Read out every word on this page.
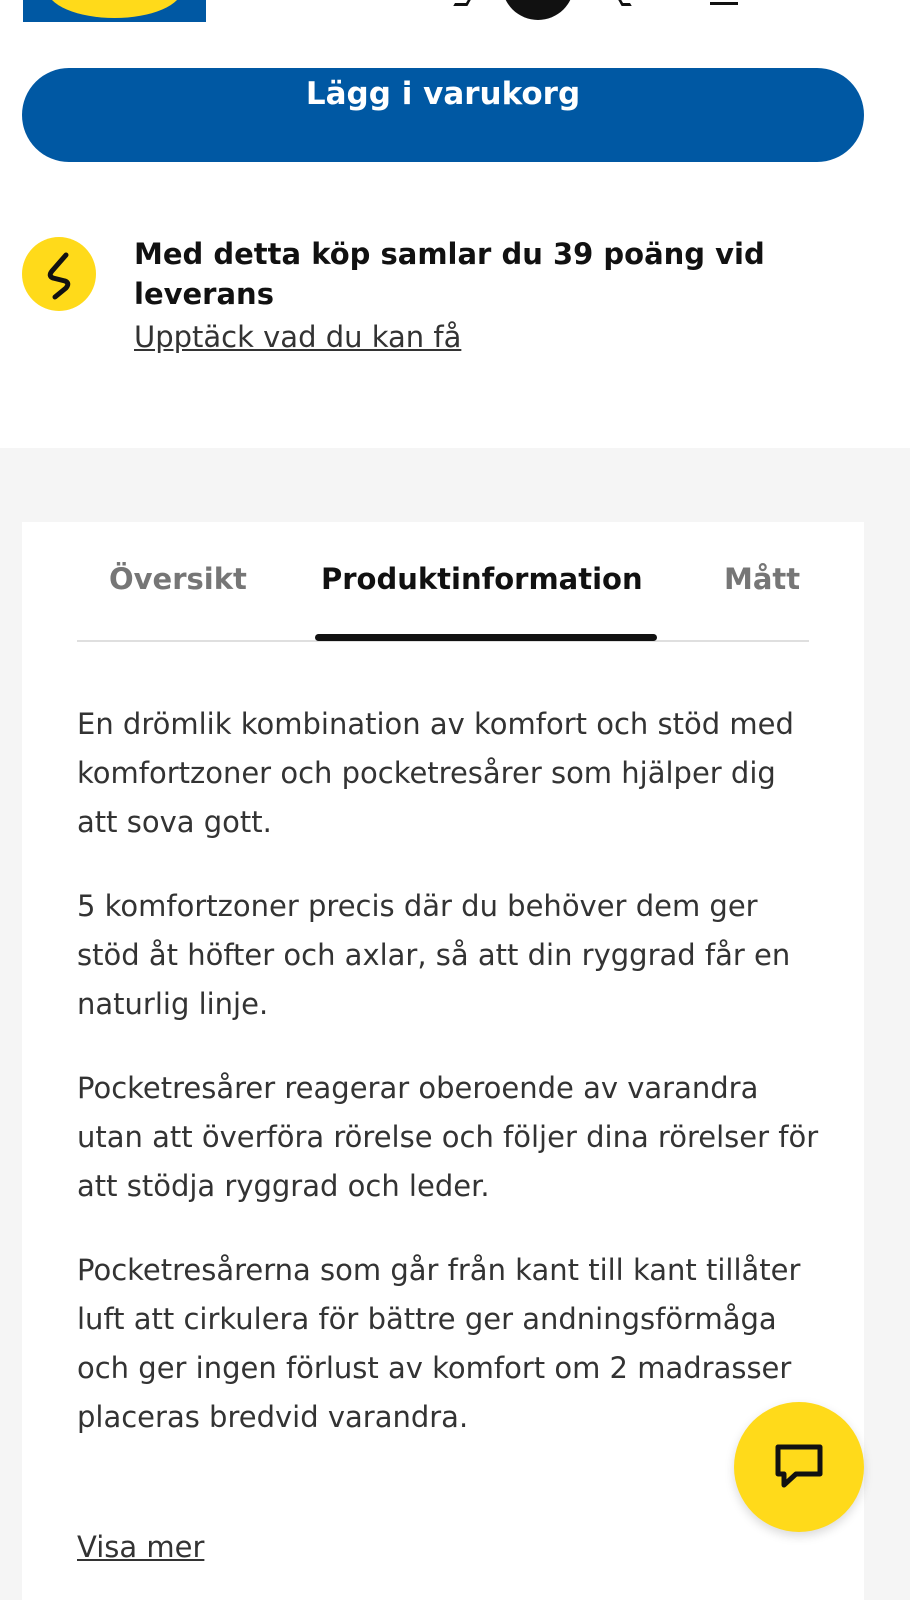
Lägg i varukorg
Med detta köp samlar du 39 poäng vid leverans
Upptäck vad du kan få
Översikt	Produktinformation	Mått

En drömlik kombination av komfort och stöd med komfortzoner och pocketresårer som hjälper dig att sova gott.

5 komfortzoner precis där du behöver dem ger stöd åt höfter och axlar, så att din ryggrad får en naturlig linje.

Pocketresårer reagerar oberoende av varandra utan att överföra rörelse och följer dina rörelser för att stödja ryggrad och leder.

Pocketresårerna som går från kant till kant tillåter luft att cirkulera för bättre ger andningsförmåga och ger ingen förlust av komfort om 2 madrasser placeras bredvid varandra.

Visa mer
